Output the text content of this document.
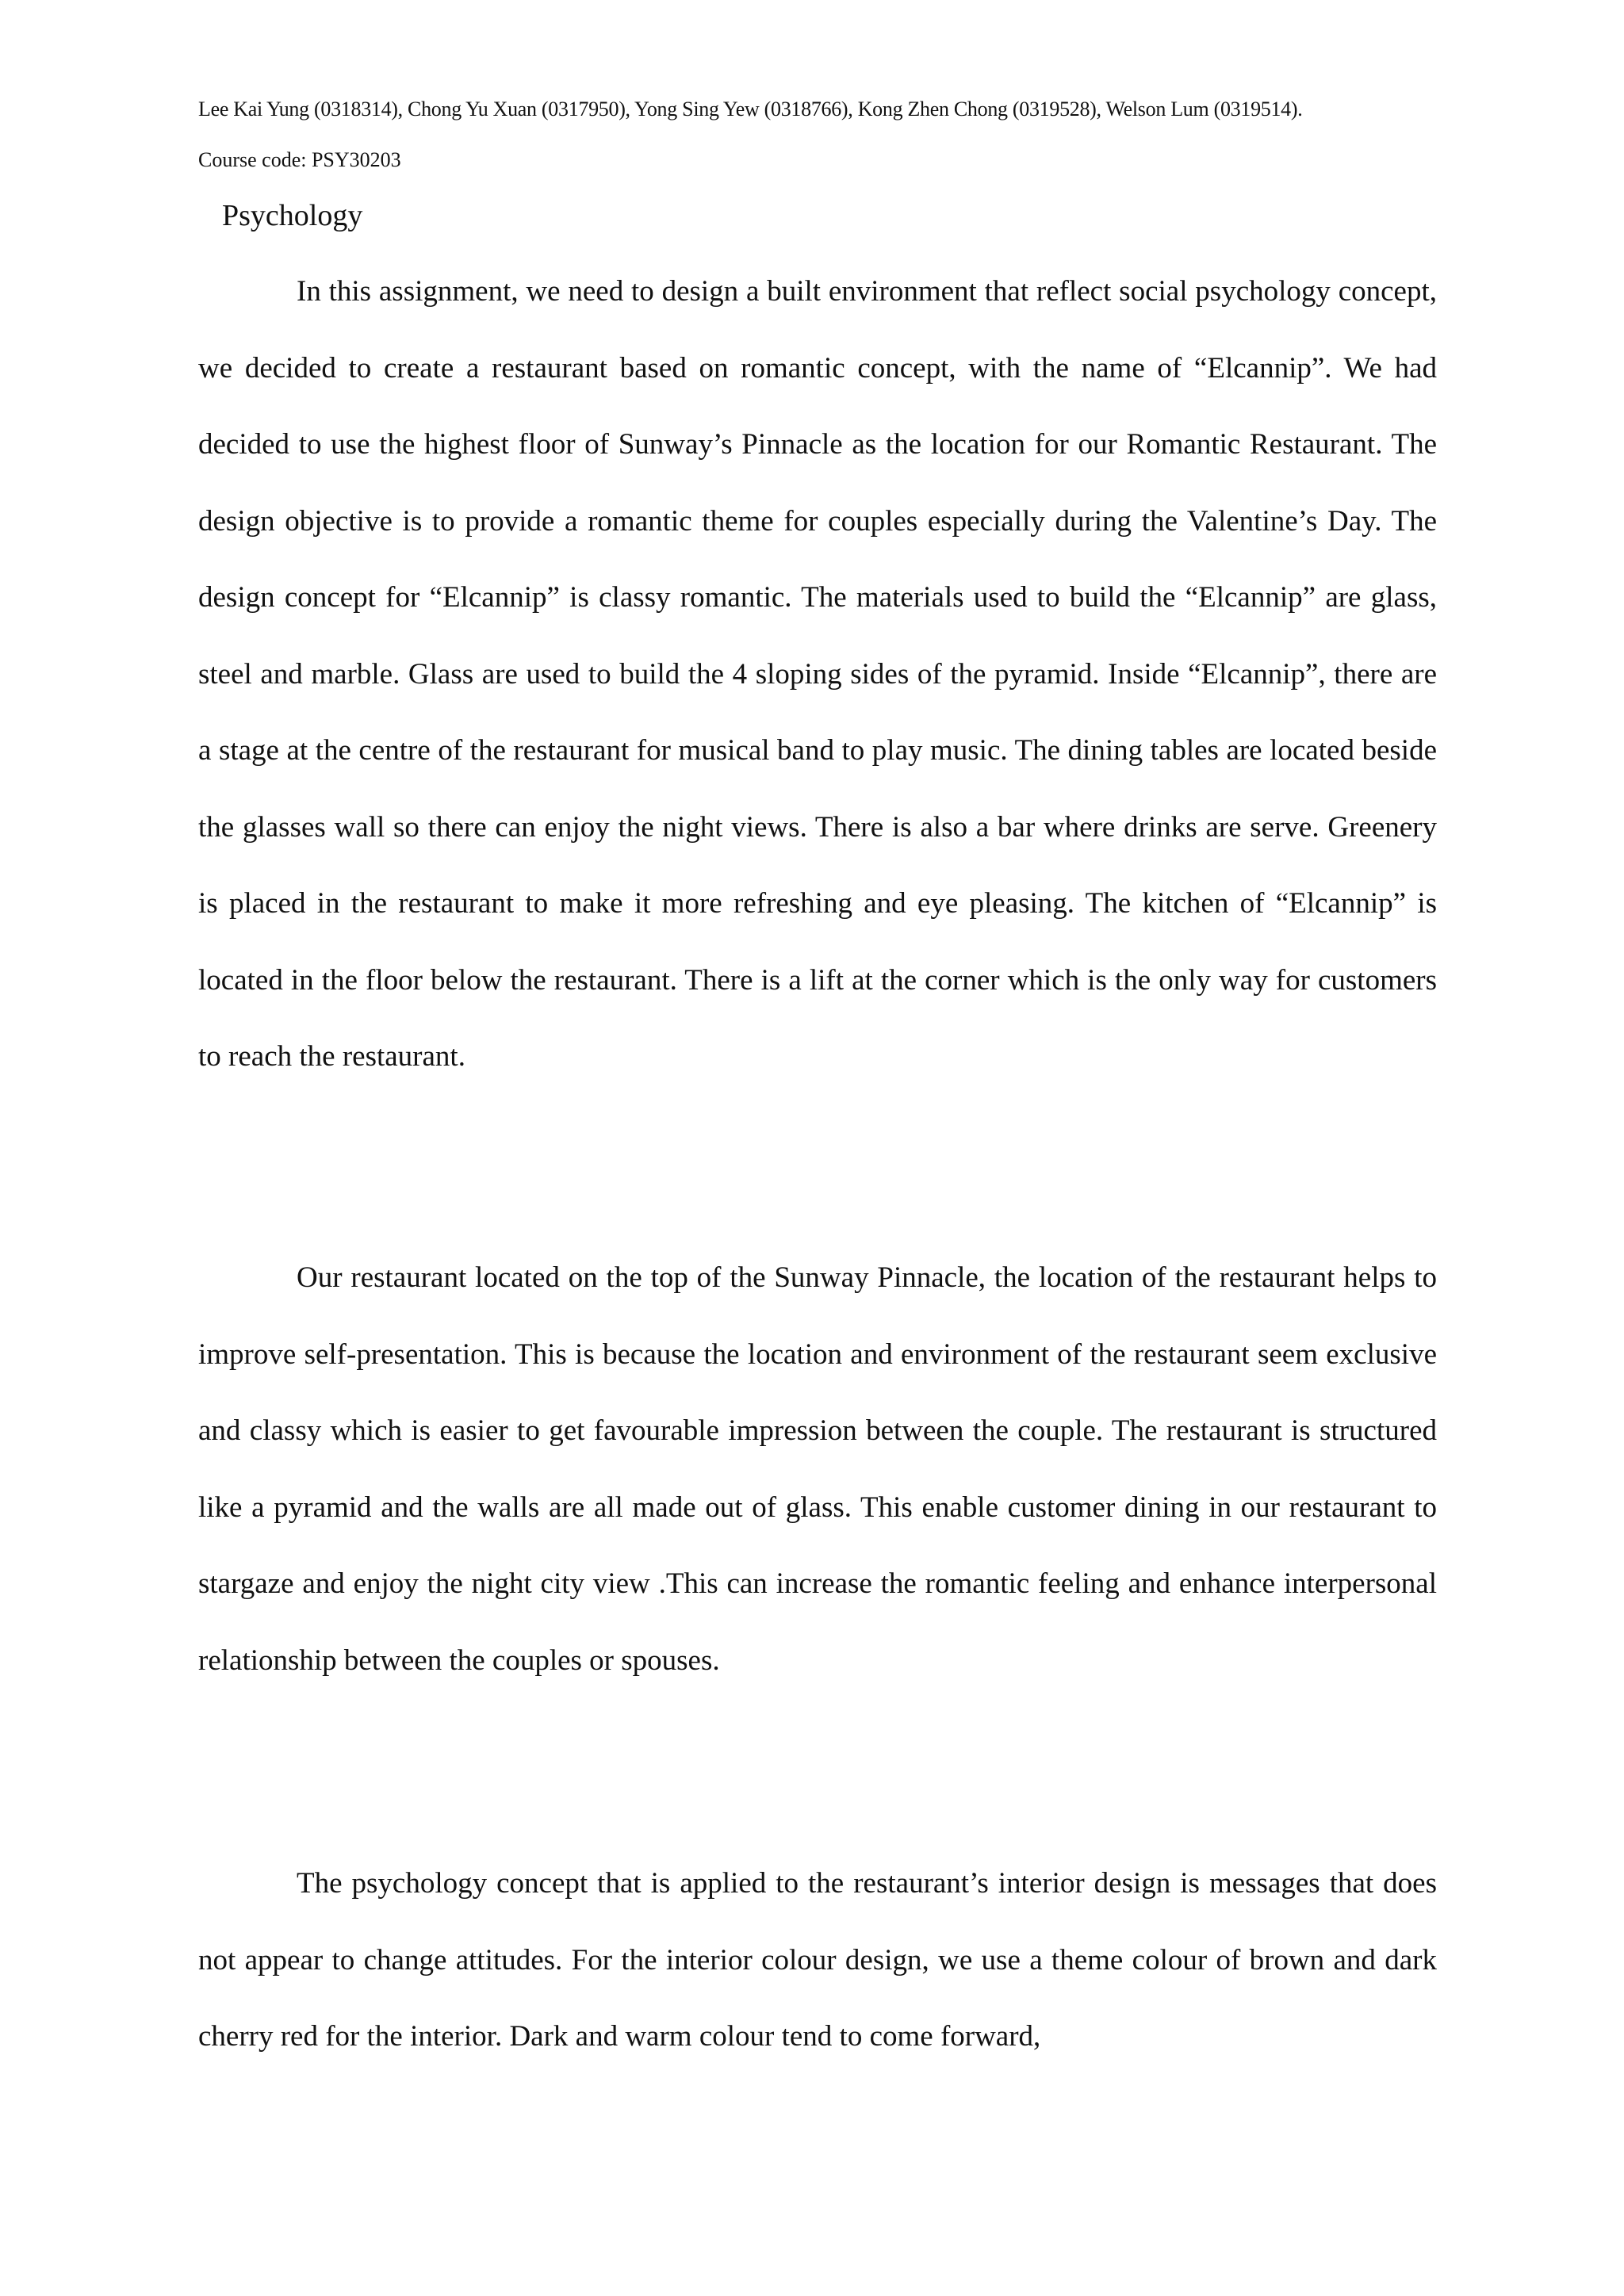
Lee Kai Yung (0318314), Chong Yu Xuan (0317950), Yong Sing Yew (0318766), Kong Zhen Chong (0319528), Welson Lum (0319514).
Course code: PSY30203
Psychology

In this assignment, we need to design a built environment that reflect social psychology concept, we decided to create a restaurant based on romantic concept, with the name of “Elcannip”. We had decided to use the highest floor of Sunway’s Pinnacle as the location for our Romantic Restaurant. The design objective is to provide a romantic theme for couples especially during the Valentine’s Day. The design concept for “Elcannip” is classy romantic. The materials used to build the “Elcannip” are glass, steel and marble. Glass are used to build the 4 sloping sides of the pyramid. Inside “Elcannip”, there are a stage at the centre of the restaurant for musical band to play music. The dining tables are located beside the glasses wall so there can enjoy the night views. There is also a bar where drinks are serve. Greenery is placed in the restaurant to make it more refreshing and eye pleasing. The kitchen of “Elcannip” is located in the floor below the restaurant. There is a lift at the corner which is the only way for customers to reach the restaurant.

Our restaurant located on the top of the Sunway Pinnacle, the location of the restaurant helps to improve self-presentation. This is because the location and environment of the restaurant seem exclusive and classy which is easier to get favourable impression between the couple. The restaurant is structured like a pyramid and the walls are all made out of glass. This enable customer dining in our restaurant to stargaze and enjoy the night city view .This can increase the romantic feeling and enhance interpersonal relationship between the couples or spouses.

The psychology concept that is applied to the restaurant’s interior design is messages that does not appear to change attitudes. For the interior colour design, we use a theme colour of brown and dark cherry red for the interior. Dark and warm colour tend to come forward,
